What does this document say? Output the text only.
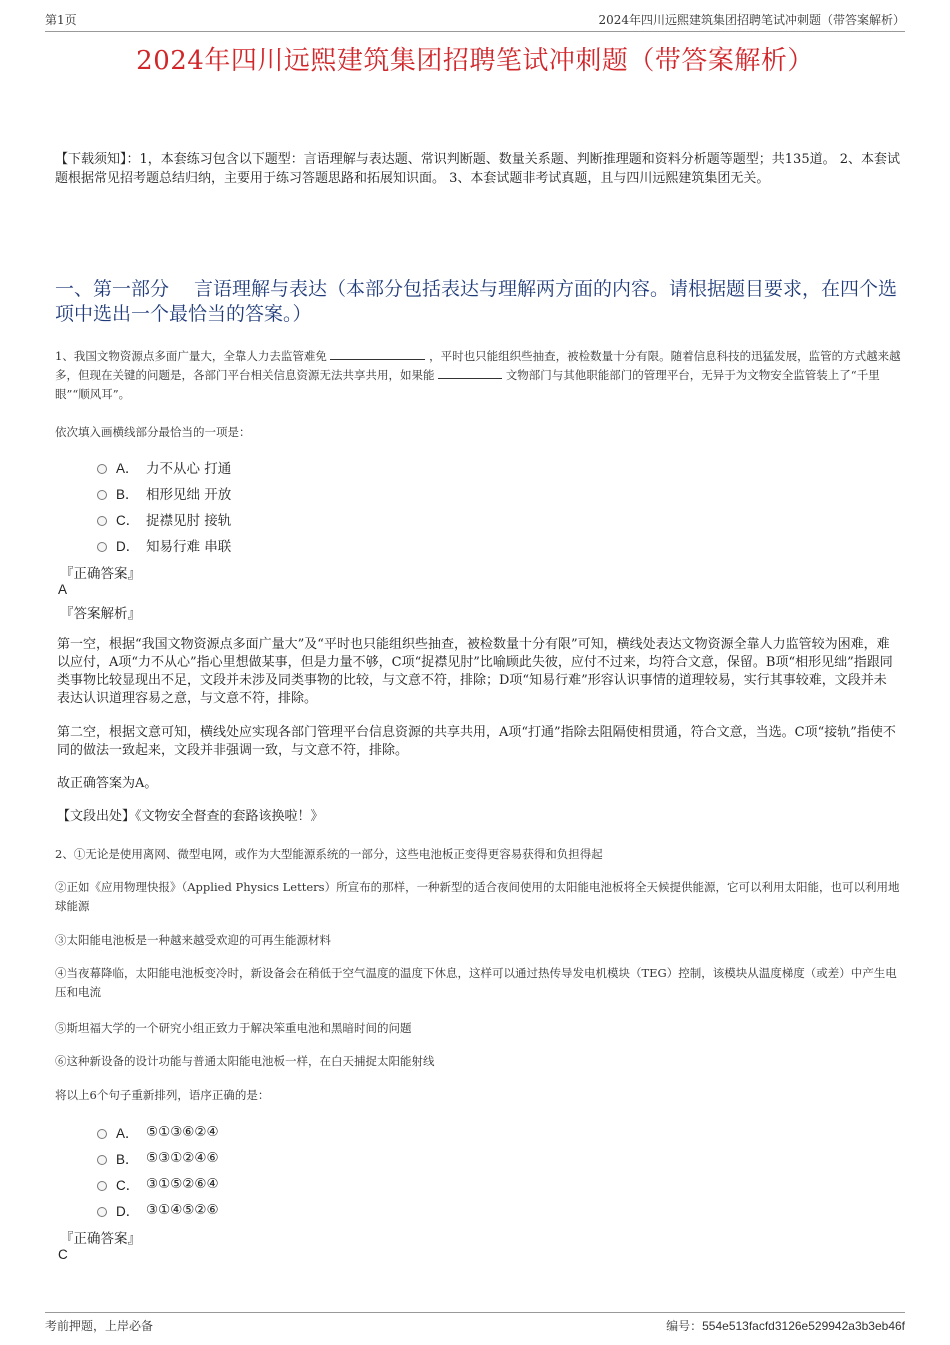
第1页	2024年四川远熙建筑集团招聘笔试冲刺题（带答案解析）
2024年四川远熙建筑集团招聘笔试冲刺题（带答案解析）
【下载须知】：1，本套练习包含以下题型：言语理解与表达题、常识判断题、数量关系题、判断推理题和资料分析题等题型；共135道。 2、本套试题根据常见招考题总结归纳，主要用于练习答题思路和拓展知识面。 3、本套试题非考试真题，且与四川远熙建筑集团无关。
一、第一部分　 言语理解与表达（本部分包括表达与理解两方面的内容。请根据题目要求，在四个选项中选出一个最恰当的答案。）
1、我国文物资源点多面广量大，全靠人力去监管难免	，平时也只能组织些抽查，被检数量十分有限。随着信息科技的迅猛发展，监管的方式越来越多，但现在关键的问题是，各部门平台相关信息资源无法共享共用，如果能	文物部门与其他职能部门的管理平台，无异于为文物安全监管装上了“千里眼”“顺风耳”。
依次填入画横线部分最恰当的一项是：
A． 力不从心 打通
B． 相形见绌 开放
C． 捉襟见肘 接轨
D． 知易行难 串联
『正确答案』
A
『答案解析』
第一空，根据“我国文物资源点多面广量大”及“平时也只能组织些抽查，被检数量十分有限”可知，横线处表达文物资源全靠人力监管较为困难，难以应付，A项“力不从心”指心里想做某事，但是力量不够，C项“捉襟见肘”比喻顾此失彼，应付不过来，均符合文意，保留。B项“相形见绌”指跟同类事物比较显现出不足，文段并未涉及同类事物的比较，与文意不符，排除；D项“知易行难”形容认识事情的道理较易，实行其事较难，文段并未表达认识道理容易之意，与文意不符，排除。
第二空，根据文意可知，横线处应实现各部门管理平台信息资源的共享共用，A项“打通”指除去阻隔使相贯通，符合文意，当选。C项“接轨”指使不同的做法一致起来，文段并非强调一致，与文意不符，排除。
故正确答案为A。
【文段出处】《文物安全督查的套路该换啦！》
2、①无论是使用离网、微型电网，或作为大型能源系统的一部分，这些电池板正变得更容易获得和负担得起
②正如《应用物理快报》（Applied Physics Letters）所宣布的那样，一种新型的适合夜间使用的太阳能电池板将全天候提供能源，它可以利用太阳能，也可以利用地球能源
③太阳能电池板是一种越来越受欢迎的可再生能源材料
④当夜幕降临，太阳能电池板变冷时，新设备会在稍低于空气温度的温度下休息，这样可以通过热传导发电机模块（TEG）控制，该模块从温度梯度（或差）中产生电压和电流
⑤斯坦福大学的一个研究小组正致力于解决笨重电池和黑暗时间的问题
⑥这种新设备的设计功能与普通太阳能电池板一样，在白天捕捉太阳能射线
将以上6个句子重新排列，语序正确的是：
A． ⑤①③⑥②④
B． ⑤③①②④⑥
C． ③①⑤②⑥④
D． ③①④⑤②⑥
『正确答案』
C
考前押题，上岸必备	编号：554e513facfd3126e529942a3b3eb46f
